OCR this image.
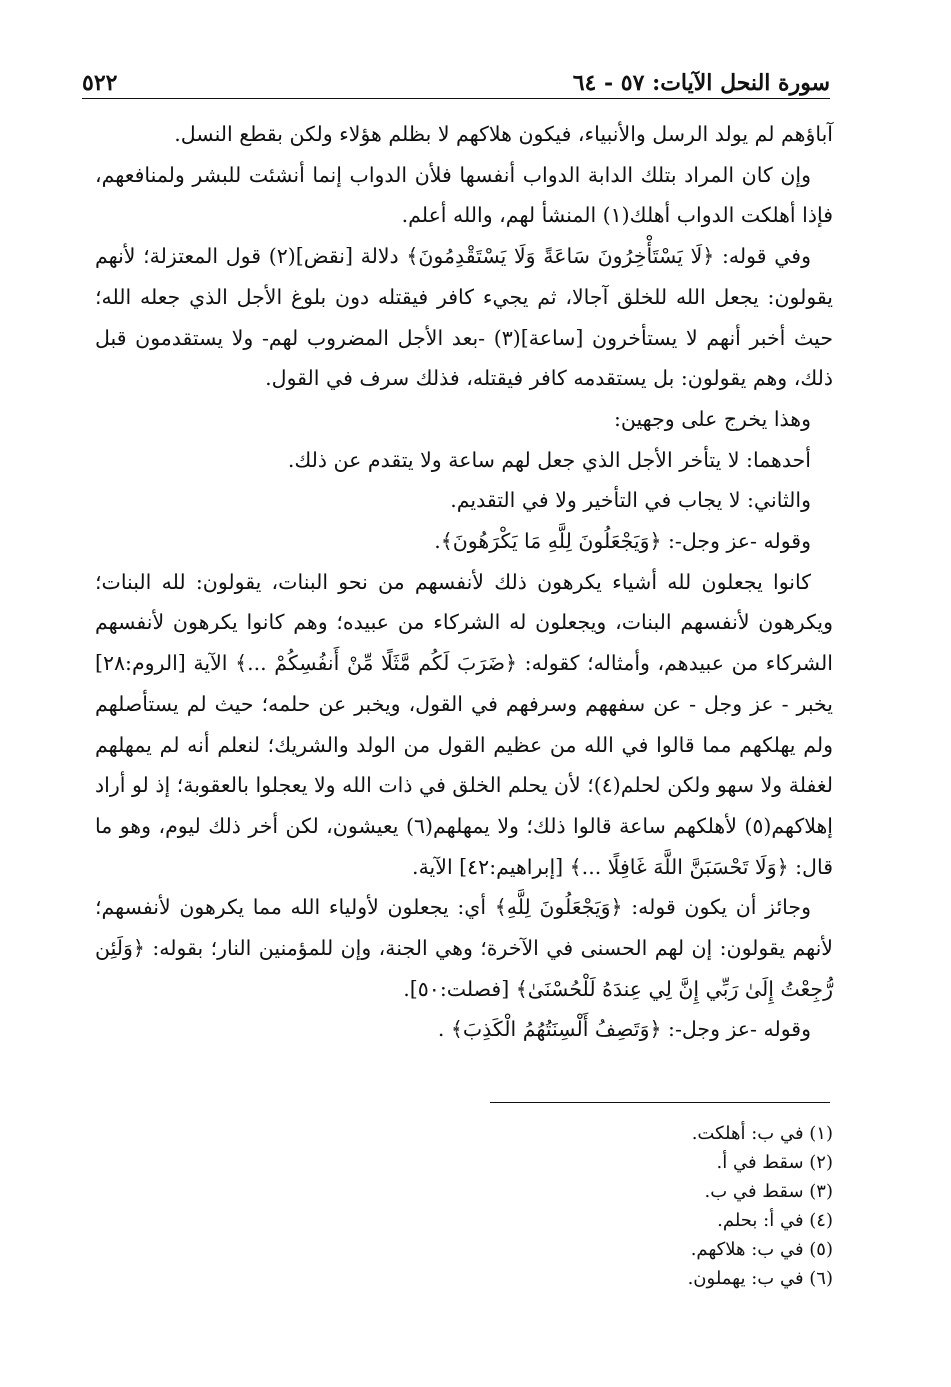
٥٢٢	سورة النحل الآيات: ٥٧ - ٦٤

آباؤهم لم يولد الرسل والأنبياء، فيكون هلاكهم لا بظلم هؤلاء ولكن بقطع النسل.

وإن كان المراد بتلك الدابة الدواب أنفسها فلأن الدواب إنما أنشئت للبشر ولمنافعهم، فإذا أهلكت الدواب أهلك(١) المنشأ لهم، والله أعلم.

وفي قوله: ﴿لَا يَسْتَأْخِرُونَ سَاعَةً وَلَا يَسْتَقْدِمُونَ﴾ دلالة [نقض](٢) قول المعتزلة؛ لأنهم يقولون: يجعل الله للخلق آجالا، ثم يجيء كافر فيقتله دون بلوغ الأجل الذي جعله الله؛ حيث أخبر أنهم لا يستأخرون [ساعة](٣) -بعد الأجل المضروب لهم- ولا يستقدمون قبل ذلك، وهم يقولون: بل يستقدمه كافر فيقتله، فذلك سرف في القول.

وهذا يخرج على وجهين:

أحدهما: لا يتأخر الأجل الذي جعل لهم ساعة ولا يتقدم عن ذلك.

والثاني: لا يجاب في التأخير ولا في التقديم.

وقوله -عز وجل-: ﴿وَيَجْعَلُونَ لِلَّهِ مَا يَكْرَهُونَ﴾.

كانوا يجعلون لله أشياء يكرهون ذلك لأنفسهم من نحو البنات، يقولون: لله البنات؛ ويكرهون لأنفسهم البنات، ويجعلون له الشركاء من عبيده؛ وهم كانوا يكرهون لأنفسهم الشركاء من عبيدهم، وأمثاله؛ كقوله: ﴿ضَرَبَ لَكُم مَّثَلًا مِّنْ أَنفُسِكُمْ ...﴾ الآية [الروم:٢٨] يخبر - عز وجل - عن سفههم وسرفهم في القول، ويخبر عن حلمه؛ حيث لم يستأصلهم ولم يهلكهم مما قالوا في الله من عظيم القول من الولد والشريك؛ لنعلم أنه لم يمهلهم لغفلة ولا سهو ولكن لحلم(٤)؛ لأن يحلم الخلق في ذات الله ولا يعجلوا بالعقوبة؛ إذ لو أراد إهلاكهم(٥) لأهلكهم ساعة قالوا ذلك؛ ولا يمهلهم(٦) يعيشون، لكن أخر ذلك ليوم، وهو ما قال: ﴿وَلَا تَحْسَبَنَّ اللَّهَ غَافِلًا ...﴾ [إبراهيم:٤٢] الآية.

وجائز أن يكون قوله: ﴿وَيَجْعَلُونَ لِلَّهِ﴾ أي: يجعلون لأولياء الله مما يكرهون لأنفسهم؛ لأنهم يقولون: إن لهم الحسنى في الآخرة؛ وهي الجنة، وإن للمؤمنين النار؛ بقوله: ﴿وَلَئِن رُّجِعْتُ إِلَىٰ رَبِّي إِنَّ لِي عِندَهُ لَلْحُسْنَىٰ﴾ [فصلت:٥٠].

وقوله -عز وجل-: ﴿وَتَصِفُ أَلْسِنَتُهُمُ الْكَذِبَ﴾ .

(١) في ب: أهلكت.

(٢) سقط في أ.

(٣) سقط في ب.

(٤) في أ: بحلم.

(٥) في ب: هلاكهم.

(٦) في ب: يهملون.
